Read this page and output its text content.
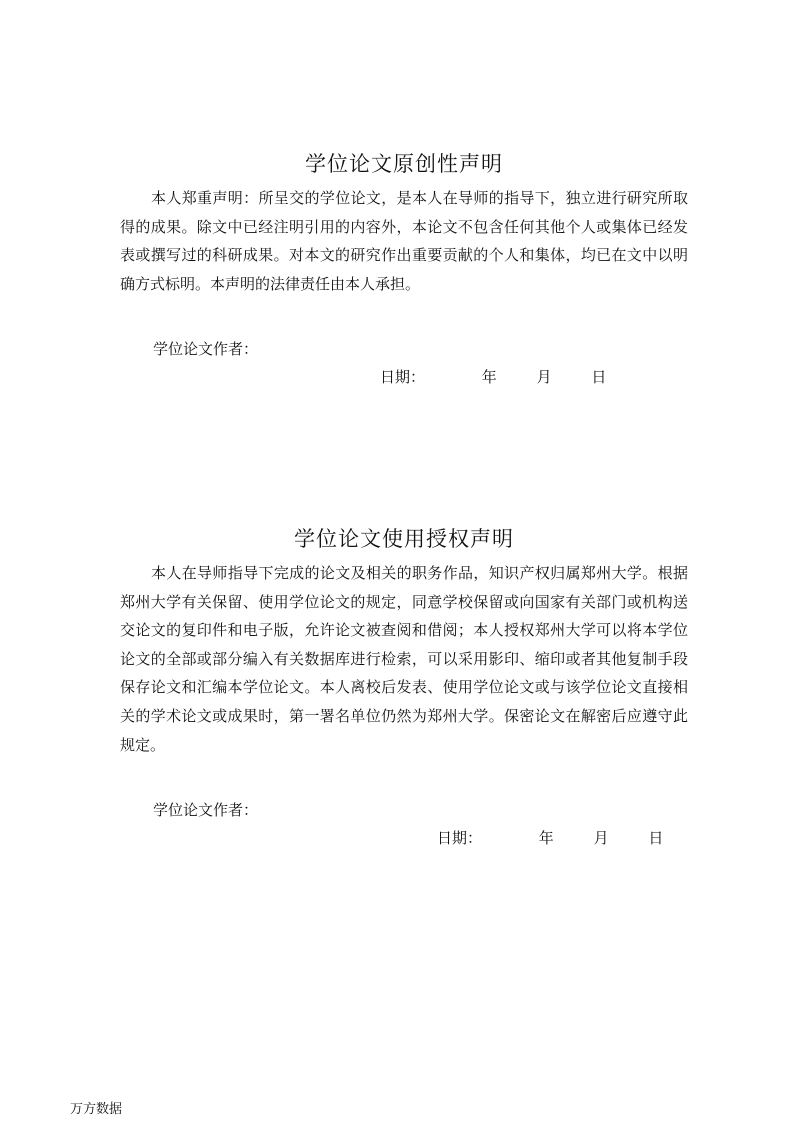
学位论文原创性声明

本人郑重声明：所呈交的学位论文，是本人在导师的指导下，独立进行研究所取得的成果。除文中已经注明引用的内容外，本论文不包含任何其他个人或集体已经发表或撰写过的科研成果。对本文的研究作出重要贡献的个人和集体，均已在文中以明确方式标明。本声明的法律责任由本人承担。

学位论文作者：
日期：	年	月	日
学位论文使用授权声明

本人在导师指导下完成的论文及相关的职务作品，知识产权归属郑州大学。根据郑州大学有关保留、使用学位论文的规定，同意学校保留或向国家有关部门或机构送交论文的复印件和电子版，允许论文被查阅和借阅；本人授权郑州大学可以将本学位论文的全部或部分编入有关数据库进行检索，可以采用影印、缩印或者其他复制手段保存论文和汇编本学位论文。本人离校后发表、使用学位论文或与该学位论文直接相关的学术论文或成果时，第一署名单位仍然为郑州大学。保密论文在解密后应遵守此规定。

学位论文作者：
日期：	年	月	日
万方数据
